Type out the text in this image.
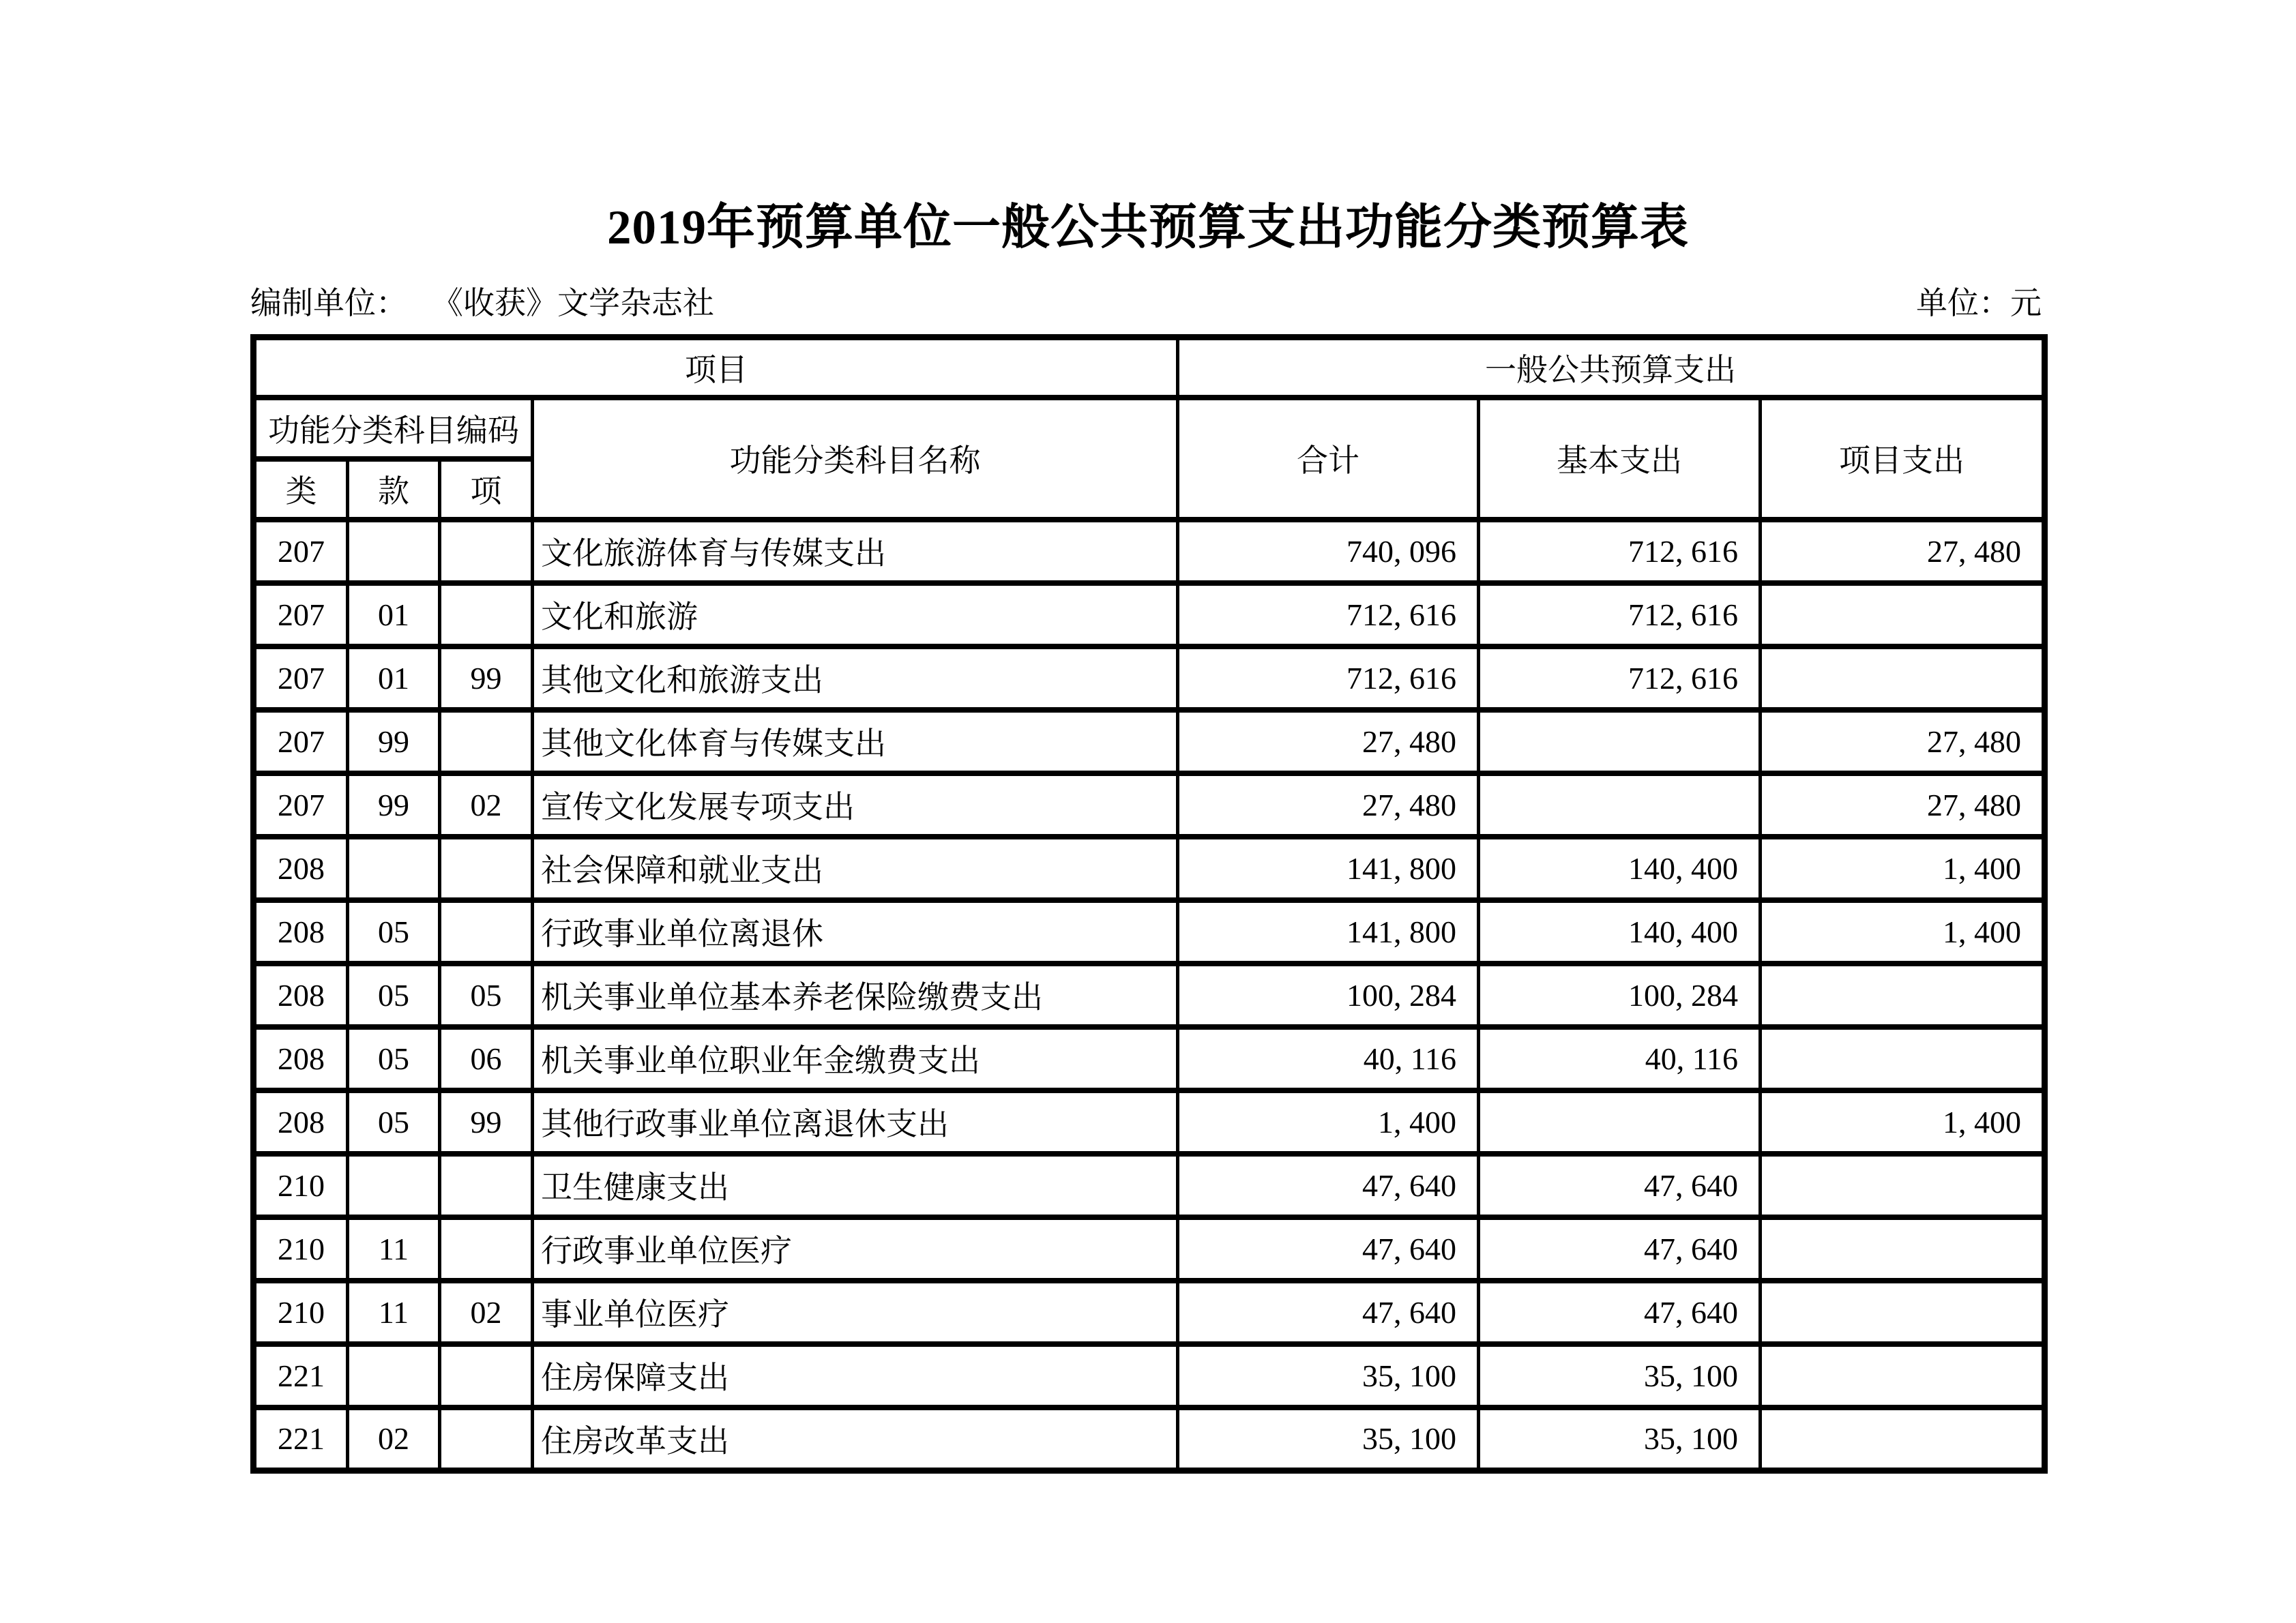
2019年预算单位一般公共预算支出功能分类预算表
编制单位： 《收获》文学杂志社	单位：元
项目				一般公共预算支出		
功能分类科目编码			功能分类科目名称	合计	基本支出	项目支出
类	款	项				
207			文化旅游体育与传媒支出	740, 096	712, 616	27, 480
207	01		文化和旅游	712, 616	712, 616	
207	01	99	其他文化和旅游支出	712, 616	712, 616	
207	99		其他文化体育与传媒支出	27, 480		27, 480
207	99	02	宣传文化发展专项支出	27, 480		27, 480
208			社会保障和就业支出	141, 800	140, 400	1, 400
208	05		行政事业单位离退休	141, 800	140, 400	1, 400
208	05	05	机关事业单位基本养老保险缴费支出	100, 284	100, 284	
208	05	06	机关事业单位职业年金缴费支出	40, 116	40, 116	
208	05	99	其他行政事业单位离退休支出	1, 400		1, 400
210			卫生健康支出	47, 640	47, 640	
210	11		行政事业单位医疗	47, 640	47, 640	
210	11	02	事业单位医疗	47, 640	47, 640	
221			住房保障支出	35, 100	35, 100	
221	02		住房改革支出	35, 100	35, 100	
